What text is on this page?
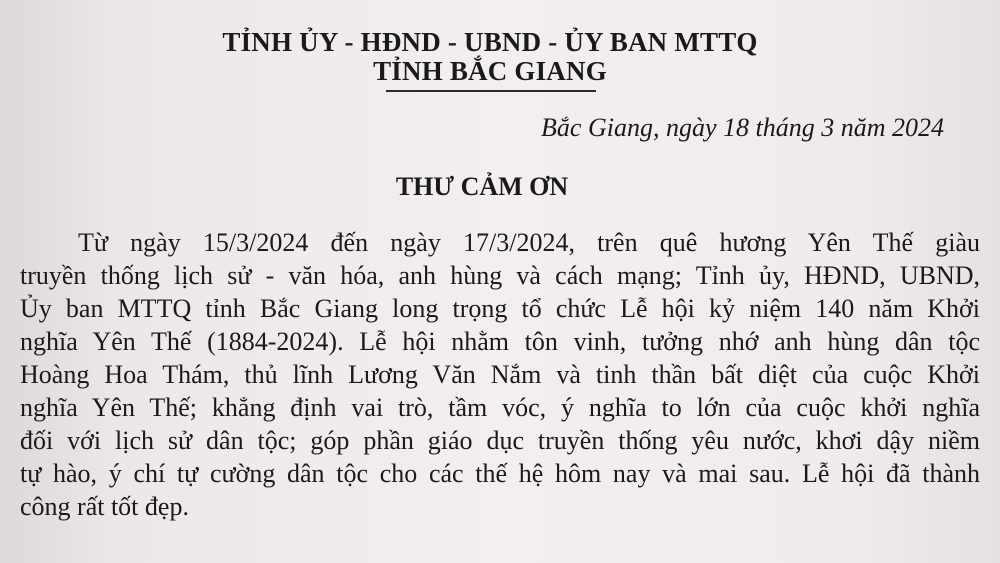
TỈNH ỦY - HĐND - UBND - ỦY BAN MTTQ
TỈNH BẮC GIANG
Bắc Giang, ngày 18 tháng 3 năm 2024
THƯ CẢM ƠN
Từ ngày 15/3/2024 đến ngày 17/3/2024, trên quê hương Yên Thế giàu
truyền thống lịch sử - văn hóa, anh hùng và cách mạng; Tỉnh ủy, HĐND, UBND,
Ủy ban MTTQ tỉnh Bắc Giang long trọng tổ chức Lễ hội kỷ niệm 140 năm Khởi
nghĩa Yên Thế (1884-2024). Lễ hội nhằm tôn vinh, tưởng nhớ anh hùng dân tộc
Hoàng Hoa Thám, thủ lĩnh Lương Văn Nắm và tinh thần bất diệt của cuộc Khởi
nghĩa Yên Thế; khẳng định vai trò, tầm vóc, ý nghĩa to lớn của cuộc khởi nghĩa
đối với lịch sử dân tộc; góp phần giáo dục truyền thống yêu nước, khơi dậy niềm
tự hào, ý chí tự cường dân tộc cho các thế hệ hôm nay và mai sau. Lễ hội đã thành
công rất tốt đẹp.
